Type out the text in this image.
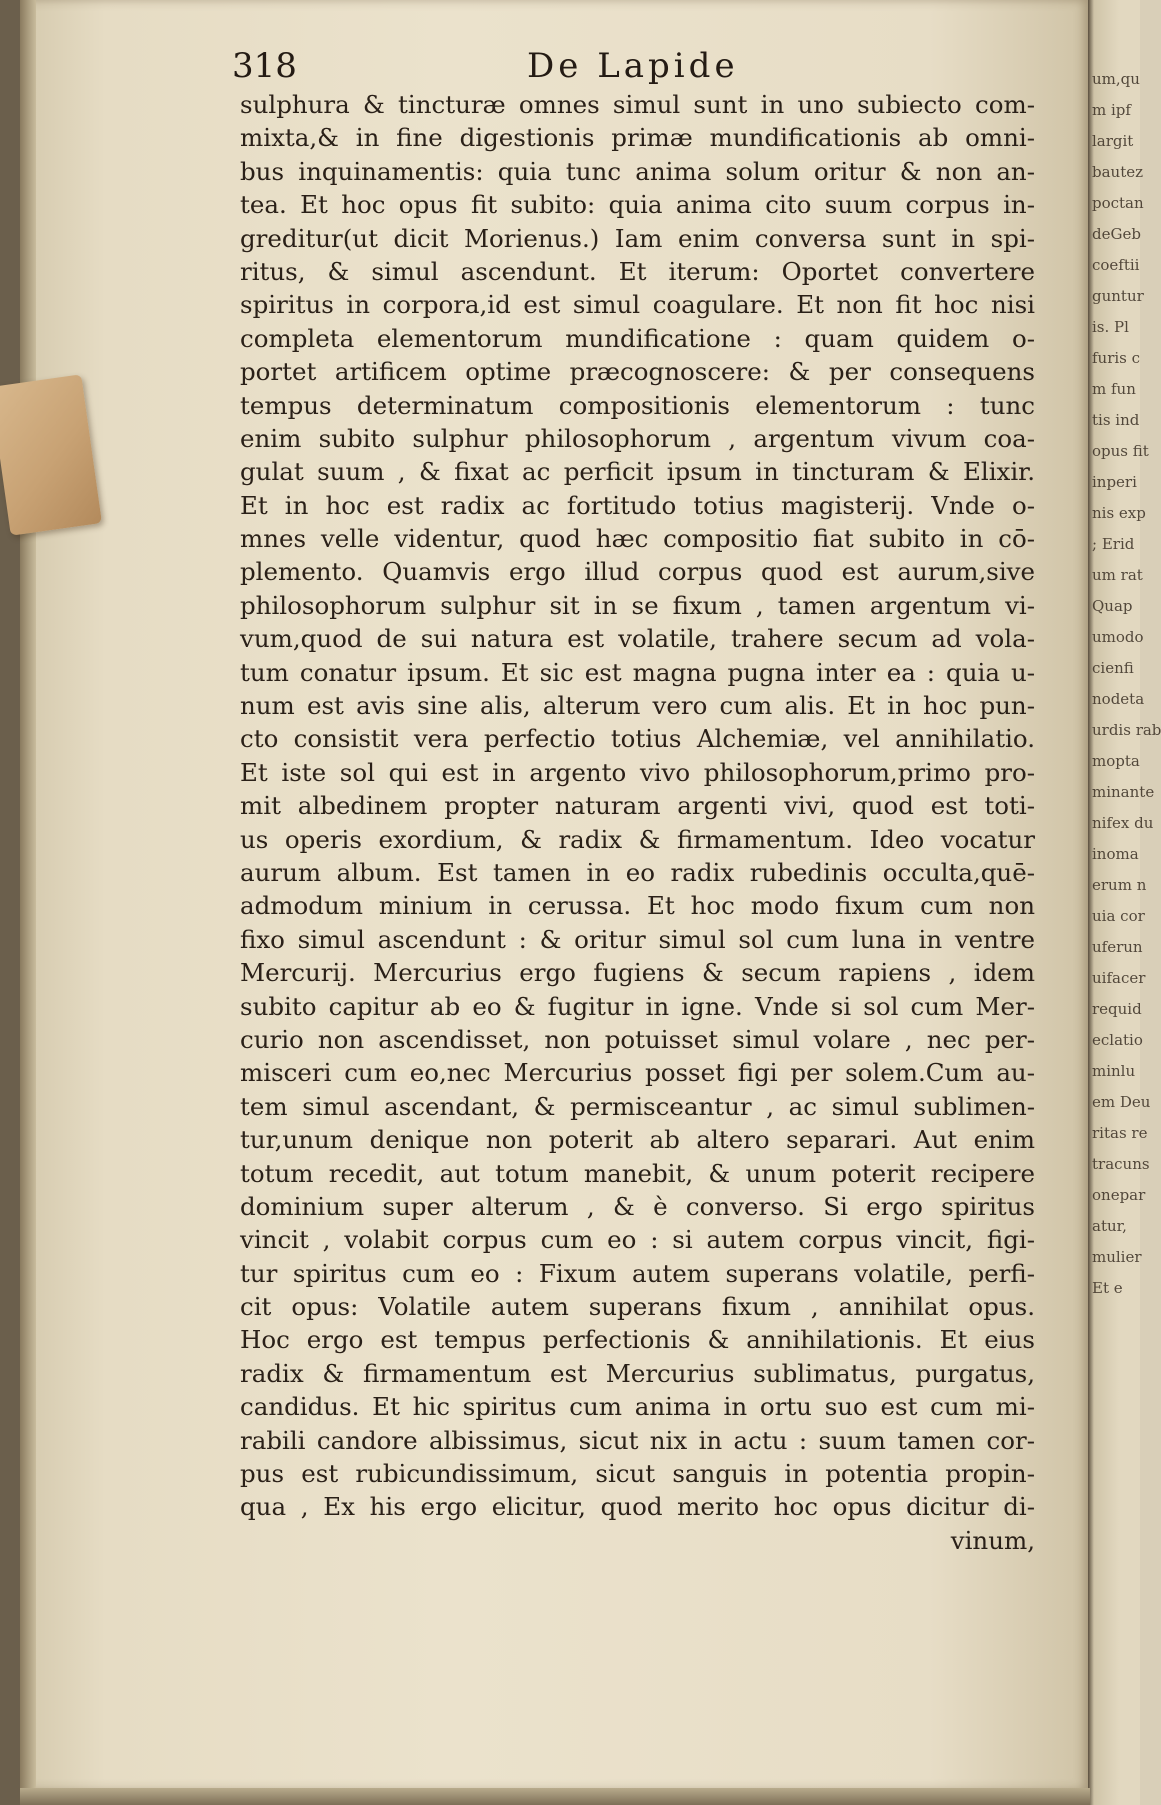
318	De Lapide
sulphura & tincturæ omnes simul sunt in uno subiecto com-
mixta,& in fine digestionis primæ mundificationis ab omni-
bus inquinamentis: quia tunc anima solum oritur & non an-
tea. Et hoc opus fit subito: quia anima cito suum corpus in-
greditur(ut dicit Morienus.) Iam enim conversa sunt in spi-
ritus, & simul ascendunt. Et iterum: Oportet convertere
spiritus in corpora,id est simul coagulare. Et non fit hoc nisi
completa elementorum mundificatione : quam quidem o-
portet artificem optime præcognoscere: & per consequens
tempus determinatum compositionis elementorum : tunc
enim subito sulphur philosophorum , argentum vivum coa-
gulat suum , & fixat ac perficit ipsum in tincturam & Elixir.
Et in hoc est radix ac fortitudo totius magisterij. Vnde o-
mnes velle videntur, quod hæc compositio fiat subito in cō-
plemento. Quamvis ergo illud corpus quod est aurum,sive
philosophorum sulphur sit in se fixum , tamen argentum vi-
vum,quod de sui natura est volatile, trahere secum ad vola-
tum conatur ipsum. Et sic est magna pugna inter ea : quia u-
num est avis sine alis, alterum vero cum alis. Et in hoc pun-
cto consistit vera perfectio totius Alchemiæ, vel annihilatio.
Et iste sol qui est in argento vivo philosophorum,primo pro-
mit albedinem propter naturam argenti vivi, quod est toti-
us operis exordium, & radix & firmamentum. Ideo vocatur
aurum album. Est tamen in eo radix rubedinis occulta,quē-
admodum minium in cerussa. Et hoc modo fixum cum non
fixo simul ascendunt : & oritur simul sol cum luna in ventre
Mercurij. Mercurius ergo fugiens & secum rapiens , idem
subito capitur ab eo & fugitur in igne. Vnde si sol cum Mer-
curio non ascendisset, non potuisset simul volare , nec per-
misceri cum eo,nec Mercurius posset figi per solem.Cum au-
tem simul ascendant, & permisceantur , ac simul sublimen-
tur,unum denique non poterit ab altero separari. Aut enim
totum recedit, aut totum manebit, & unum poterit recipere
dominium super alterum , & è converso. Si ergo spiritus
vincit , volabit corpus cum eo : si autem corpus vincit, figi-
tur spiritus cum eo : Fixum autem superans volatile, perfi-
cit opus: Volatile autem superans fixum , annihilat opus.
Hoc ergo est tempus perfectionis & annihilationis. Et eius
radix & firmamentum est Mercurius sublimatus, purgatus,
candidus. Et hic spiritus cum anima in ortu suo est cum mi-
rabili candore albissimus, sicut nix in actu : suum tamen cor-
pus est rubicundissimum, sicut sanguis in potentia propin-
qua , Ex his ergo elicitur, quod merito hoc opus dicitur di-
vinum,
um,qu
m ipf
largit
bautez
poctan
deGeb
coeftii
guntur
is. Pl
furis c
m fun
tis ind
opus fit
inperi
nis exp
; Erid
um rat
Quap
umodo
cienfi
nodeta
urdis rab
mopta
minante
nifex du
inoma
erum n
uia cor
uferun
uifacer
requid
eclatio
minlu
em Deu
ritas re
tracuns
onepar
atur,
mulier
Et e
